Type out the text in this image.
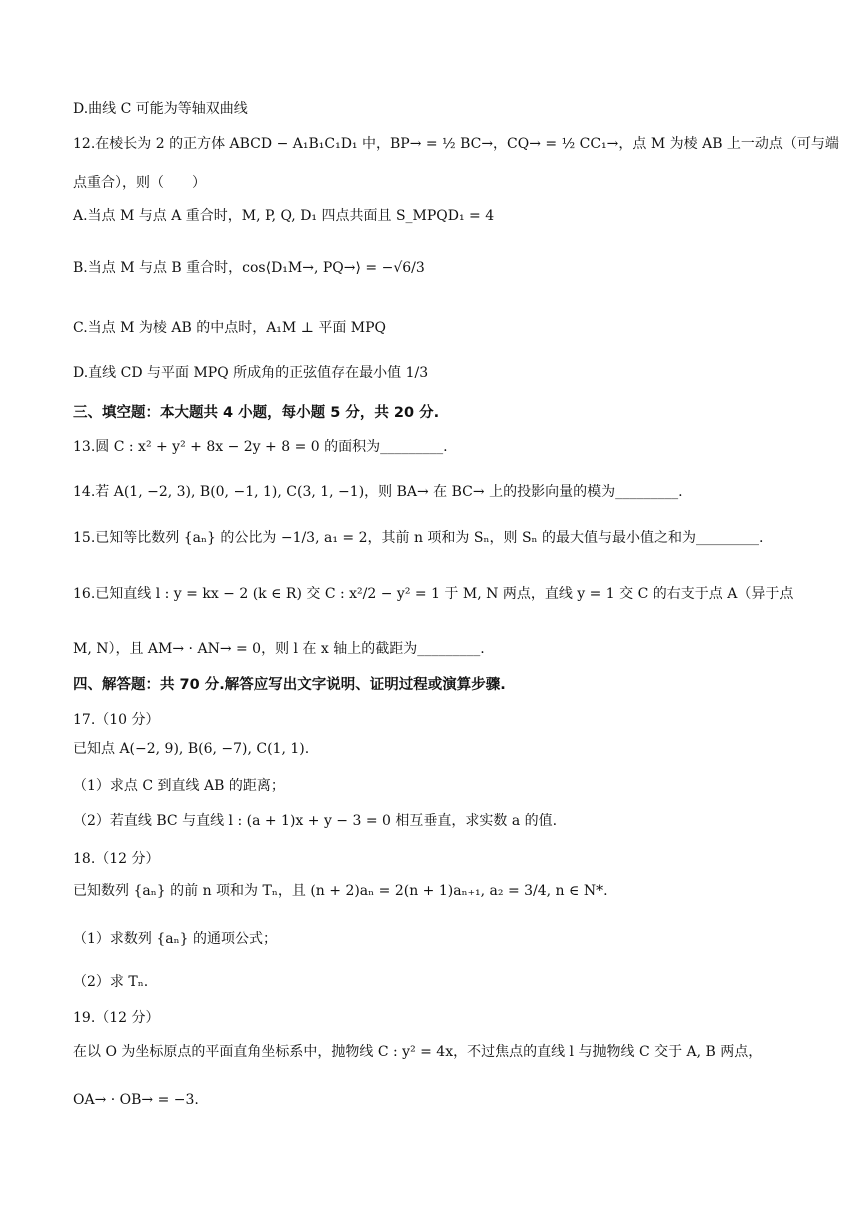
D.曲线 C 可能为等轴双曲线
12.在棱长为 2 的正方体 ABCD − A₁B₁C₁D₁ 中，BP→ = ½ BC→，CQ→ = ½ CC₁→，点 M 为棱 AB 上一动点（可与端
点重合），则（　　）
A.当点 M 与点 A 重合时，M, P, Q, D₁ 四点共面且 S_MPQD₁ = 4
B.当点 M 与点 B 重合时，cos⟨D₁M→, PQ→⟩ = −√6/3
C.当点 M 为棱 AB 的中点时，A₁M ⊥ 平面 MPQ
D.直线 CD 与平面 MPQ 所成角的正弦值存在最小值 1/3
三、填空题：本大题共 4 小题，每小题 5 分，共 20 分.
13.圆 C : x² + y² + 8x − 2y + 8 = 0 的面积为_________.
14.若 A(1, −2, 3), B(0, −1, 1), C(3, 1, −1)，则 BA→ 在 BC→ 上的投影向量的模为_________.
15.已知等比数列 {aₙ} 的公比为 −1/3, a₁ = 2，其前 n 项和为 Sₙ，则 Sₙ 的最大值与最小值之和为_________.
16.已知直线 l : y = kx − 2 (k ∈ R) 交 C : x²/2 − y² = 1 于 M, N 两点，直线 y = 1 交 C 的右支于点 A（异于点
M, N），且 AM→ · AN→ = 0，则 l 在 x 轴上的截距为_________.
四、解答题：共 70 分.解答应写出文字说明、证明过程或演算步骤.
17.（10 分）
已知点 A(−2, 9), B(6, −7), C(1, 1).
（1）求点 C 到直线 AB 的距离；
（2）若直线 BC 与直线 l : (a + 1)x + y − 3 = 0 相互垂直，求实数 a 的值.
18.（12 分）
已知数列 {aₙ} 的前 n 项和为 Tₙ，且 (n + 2)aₙ = 2(n + 1)aₙ₊₁, a₂ = 3/4, n ∈ N*.
（1）求数列 {aₙ} 的通项公式；
（2）求 Tₙ.
19.（12 分）
在以 O 为坐标原点的平面直角坐标系中，抛物线 C : y² = 4x，不过焦点的直线 l 与抛物线 C 交于 A, B 两点，
OA→ · OB→ = −3.
